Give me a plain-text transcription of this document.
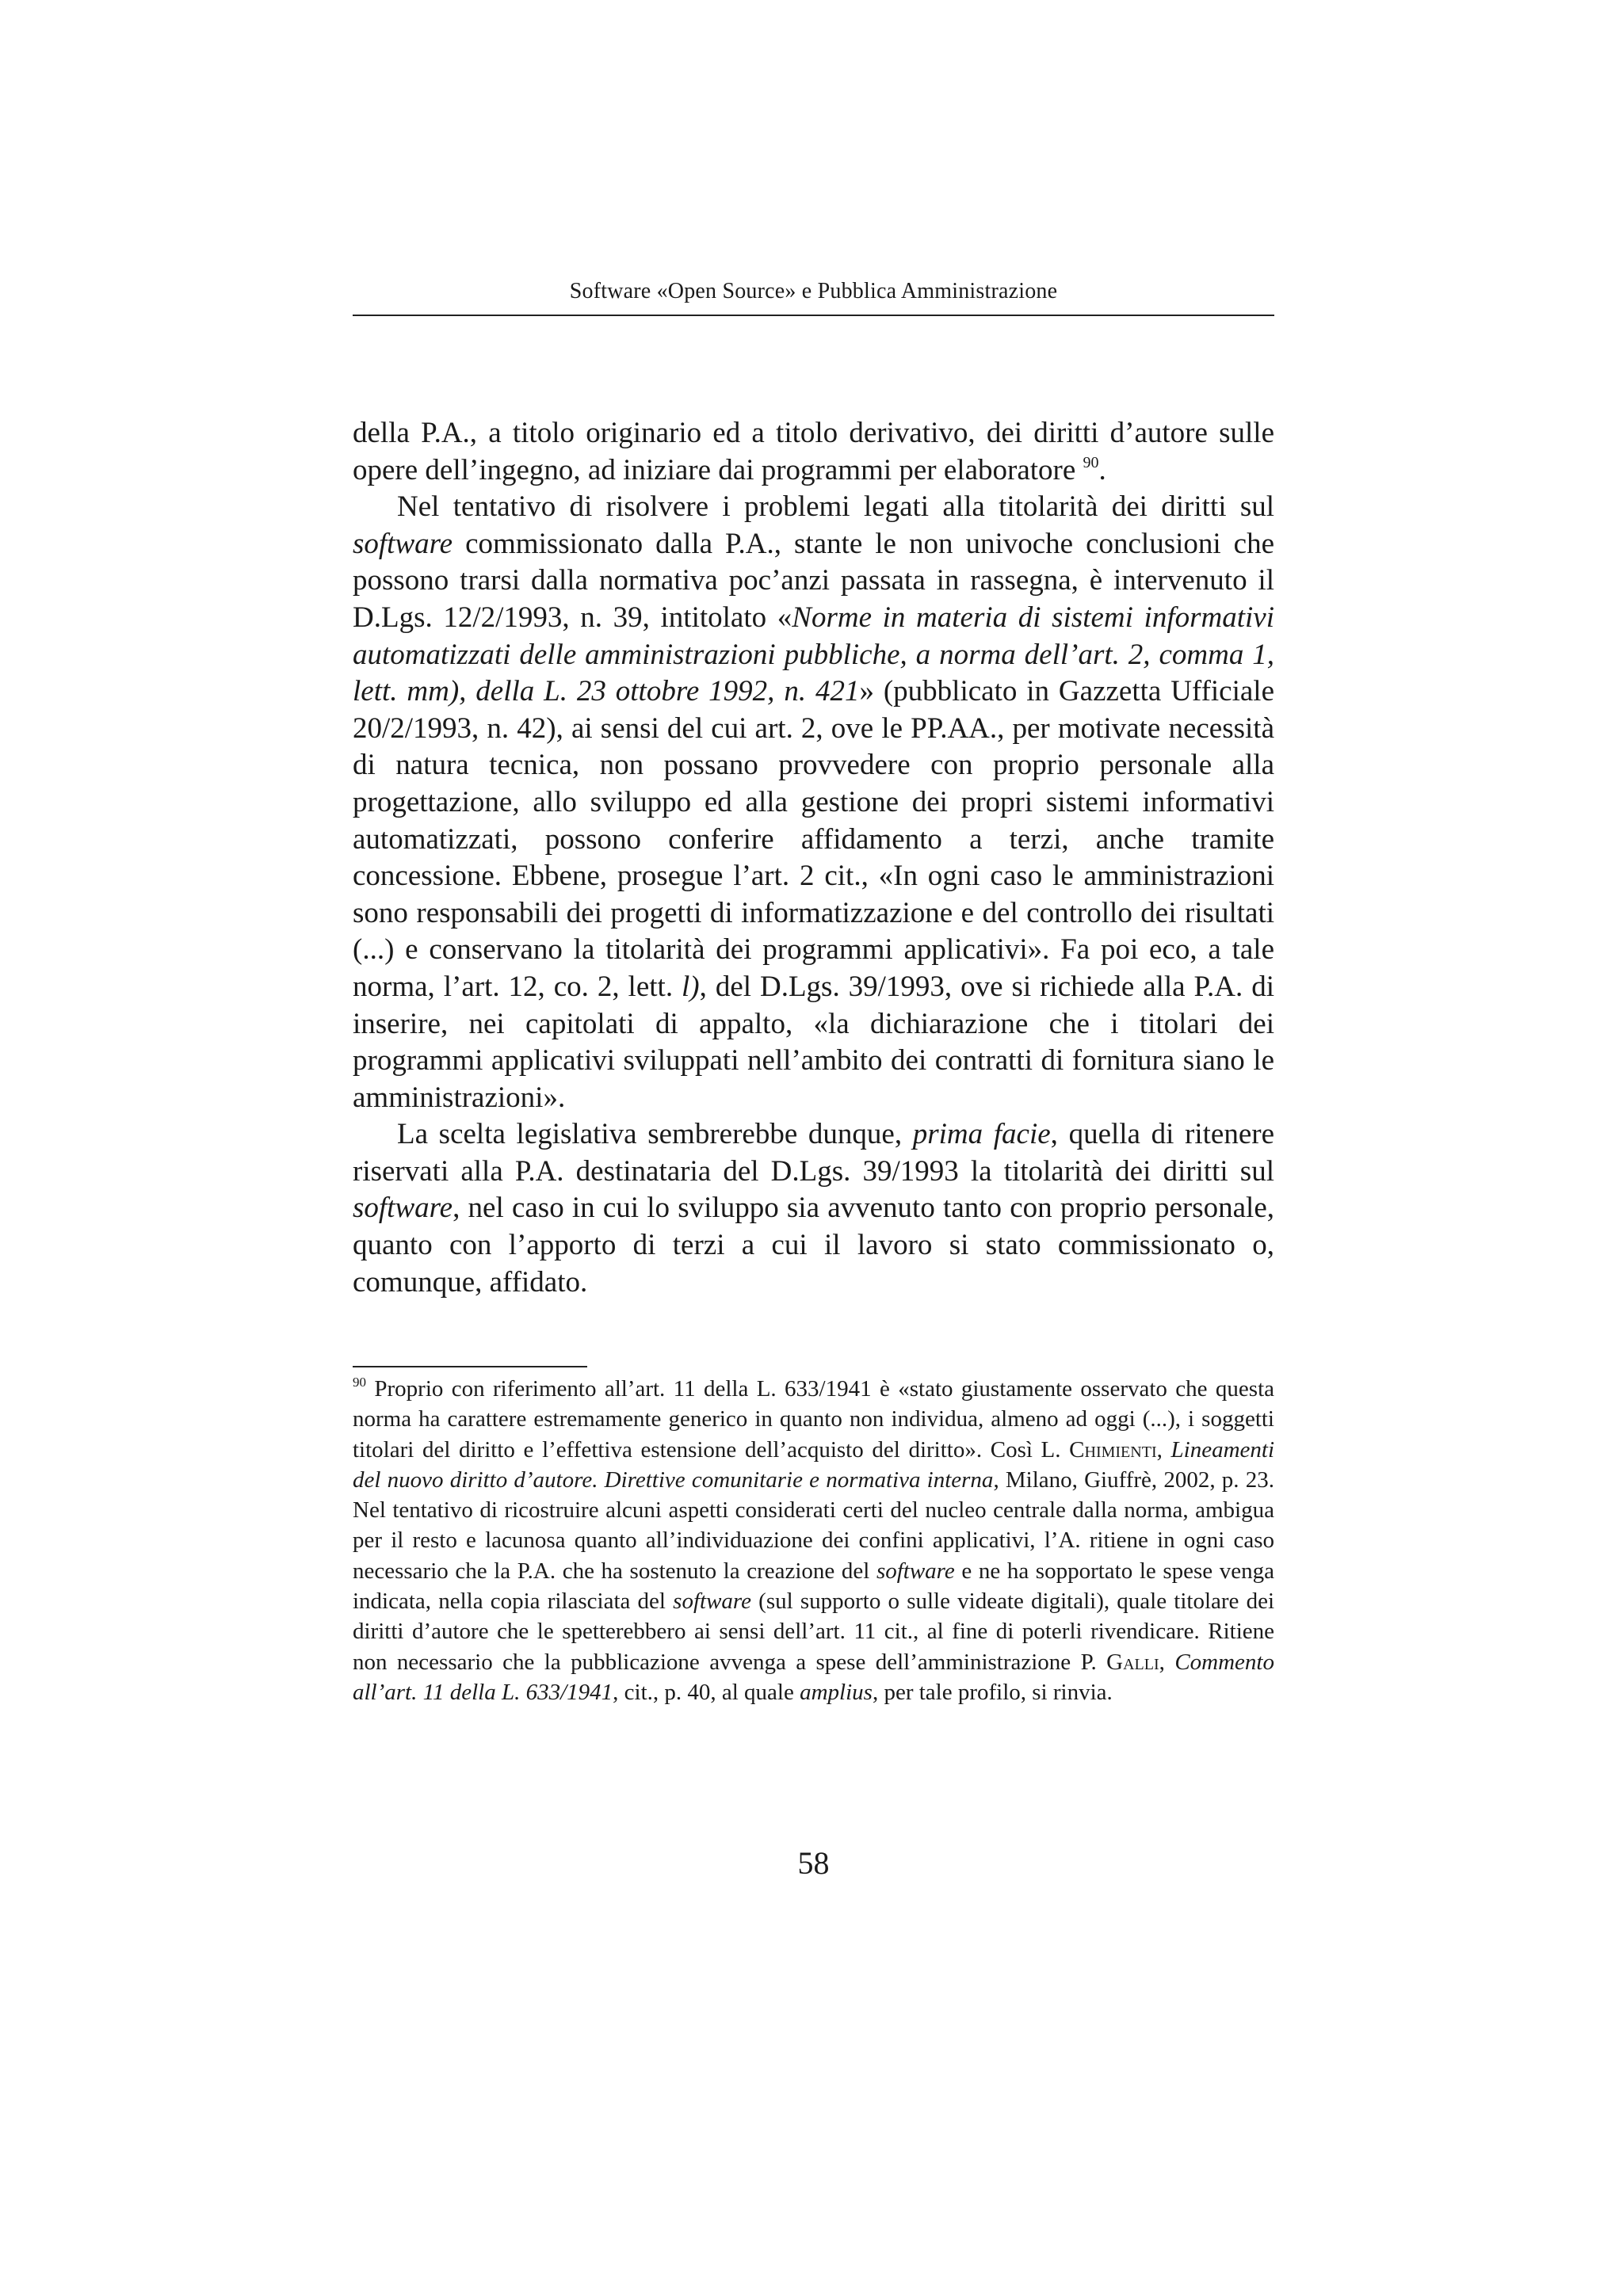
Software «Open Source» e Pubblica Amministrazione

della P.A., a titolo originario ed a titolo derivativo, dei diritti d’autore sulle opere dell’ingegno, ad iniziare dai programmi per elaboratore $^{90}$.

Nel tentativo di risolvere i problemi legati alla titolarità dei diritti sul software commissionato dalla P.A., stante le non univoche conclusioni che possono trarsi dalla normativa poc’anzi passata in rassegna, è intervenuto il D.Lgs. 12/2/1993, n. 39, intitolato «Norme in materia di sistemi informativi automatizzati delle amministrazioni pubbliche, a norma dell’art. 2, comma 1, lett. mm), della L. 23 ottobre 1992, n. 421» (pubblicato in Gazzetta Ufficiale 20/2/1993, n. 42), ai sensi del cui art. 2, ove le PP.AA., per motivate necessità di natura tecnica, non possano provvedere con proprio personale alla progettazione, allo sviluppo ed alla gestione dei propri sistemi informativi automatizzati, possono conferire affidamento a terzi, anche tramite concessione. Ebbene, prosegue l’art. 2 cit., «In ogni caso le amministrazioni sono responsabili dei progetti di informatizzazione e del controllo dei risultati (...) e conservano la titolarità dei programmi applicativi». Fa poi eco, a tale norma, l’art. 12, co. 2, lett. l), del D.Lgs. 39/1993, ove si richiede alla P.A. di inserire, nei capitolati di appalto, «la dichiarazione che i titolari dei programmi applicativi sviluppati nell’ambito dei contratti di fornitura siano le amministrazioni».

La scelta legislativa sembrerebbe dunque, prima facie, quella di ritenere riservati alla P.A. destinataria del D.Lgs. 39/1993 la titolarità dei diritti sul software, nel caso in cui lo sviluppo sia avvenuto tanto con proprio personale, quanto con l’apporto di terzi a cui il lavoro si stato commissionato o, comunque, affidato.

$^{90}$ Proprio con riferimento all’art. 11 della L. 633/1941 è «stato giustamente osservato che questa norma ha carattere estremamente generico in quanto non individua, almeno ad oggi (...), i soggetti titolari del diritto e l’effettiva estensione dell’acquisto del diritto». Così L. Chimienti, Lineamenti del nuovo diritto d’autore. Direttive comunitarie e normativa interna, Milano, Giuffrè, 2002, p. 23. Nel tentativo di ricostruire alcuni aspetti considerati certi del nucleo centrale dalla norma, ambigua per il resto e lacunosa quanto all’individuazione dei confini applicativi, l’A. ritiene in ogni caso necessario che la P.A. che ha sostenuto la creazione del software e ne ha sopportato le spese venga indicata, nella copia rilasciata del software (sul supporto o sulle videate digitali), quale titolare dei diritti d’autore che le spetterebbero ai sensi dell’art. 11 cit., al fine di poterli rivendicare. Ritiene non necessario che la pubblicazione avvenga a spese dell’amministrazione P. Galli, Commento all’art. 11 della L. 633/1941, cit., p. 40, al quale amplius, per tale profilo, si rinvia.
58
